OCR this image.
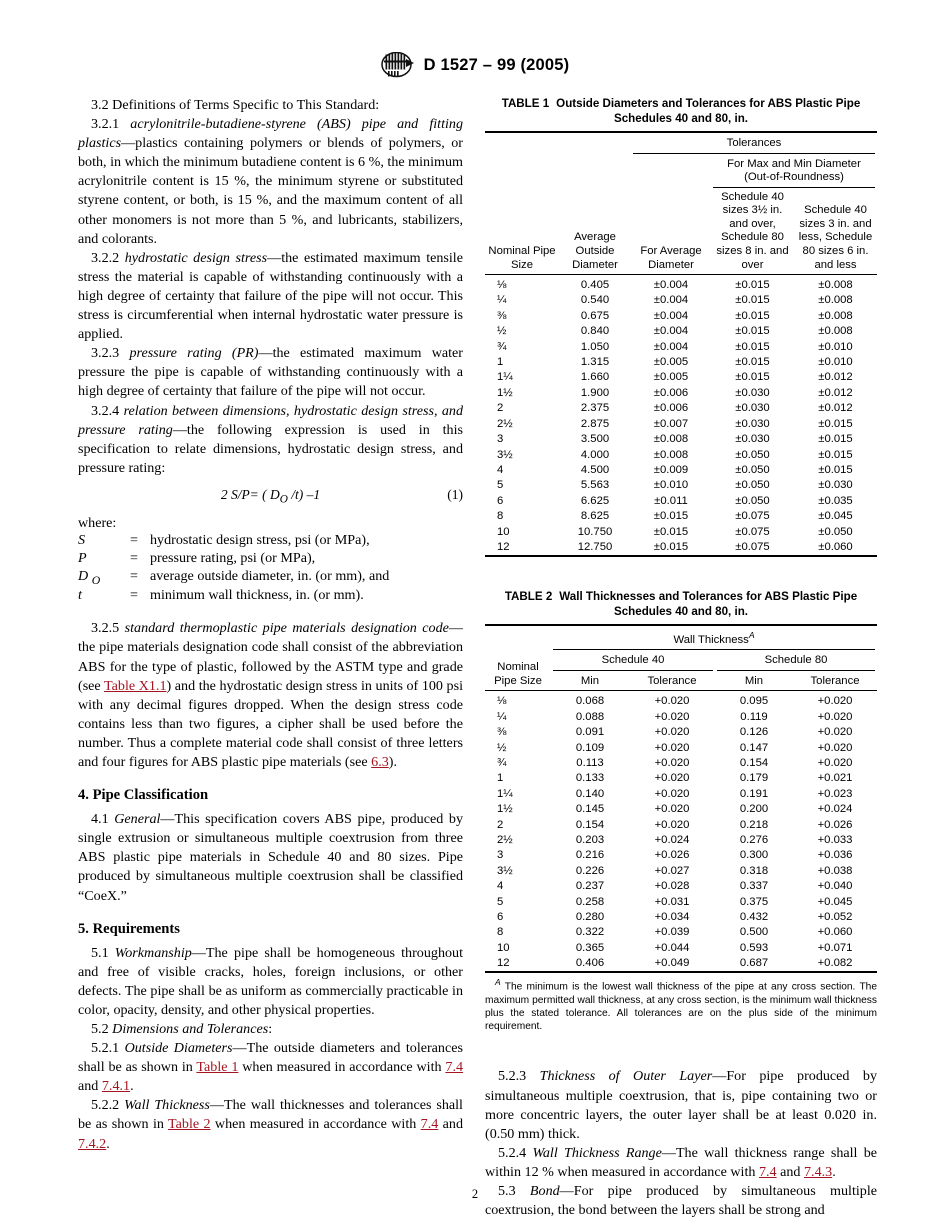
D 1527 – 99 (2005)

3.2 Definitions of Terms Specific to This Standard:

3.2.1 acrylonitrile-butadiene-styrene (ABS) pipe and fitting plastics—plastics containing polymers or blends of polymers, or both, in which the minimum butadiene content is 6 %, the minimum acrylonitrile content is 15 %, the minimum styrene or substituted styrene content, or both, is 15 %, and the maximum content of all other monomers is not more than 5 %, and lubricants, stabilizers, and colorants.

3.2.2 hydrostatic design stress—the estimated maximum tensile stress the material is capable of withstanding continuously with a high degree of certainty that failure of the pipe will not occur. This stress is circumferential when internal hydrostatic water pressure is applied.

3.2.3 pressure rating (PR)—the estimated maximum water pressure the pipe is capable of withstanding continuously with a high degree of certainty that failure of the pipe will not occur.

3.2.4 relation between dimensions, hydrostatic design stress, and pressure rating—the following expression is used in this specification to relate dimensions, hydrostatic design stress, and pressure rating:

2 S/P= ( $D_O$ /t) –1	(1)

where:

S	=	hydrostatic design stress, psi (or MPa),
P	=	pressure rating, psi (or MPa),
D $_O$	=	average outside diameter, in. (or mm), and
t	=	minimum wall thickness, in. (or mm).

3.2.5 standard thermoplastic pipe materials designation code—the pipe materials designation code shall consist of the abbreviation ABS for the type of plastic, followed by the ASTM type and grade (see Table X1.1) and the hydrostatic design stress in units of 100 psi with any decimal figures dropped. When the design stress code contains less than two figures, a cipher shall be used before the number. Thus a complete material code shall consist of three letters and four figures for ABS plastic pipe materials (see 6.3).

4. Pipe Classification

4.1 General—This specification covers ABS pipe, produced by single extrusion or simultaneous multiple coextrusion from three ABS plastic pipe materials in Schedule 40 and 80 sizes. Pipe produced by simultaneous multiple coextrusion shall be classified “CoeX.”

5. Requirements

5.1 Workmanship—The pipe shall be homogeneous throughout and free of visible cracks, holes, foreign inclusions, or other defects. The pipe shall be as uniform as commercially practicable in color, opacity, density, and other physical properties.

5.2 Dimensions and Tolerances:

5.2.1 Outside Diameters—The outside diameters and tolerances shall be as shown in Table 1 when measured in accordance with 7.4 and 7.4.1.

5.2.2 Wall Thickness—The wall thicknesses and tolerances shall be as shown in Table 2 when measured in accordance with 7.4 and 7.4.2.

TABLE 1 Outside Diameters and Tolerances for ABS Plastic Pipe Schedules 40 and 80, in.
Nominal Pipe Size	Average Outside Diameter	Tolerances		

		For Average Diameter	For Max and Min Diameter (Out-of-Roundness)	

			Schedule 40 sizes 3½ in. and over, Schedule 80 sizes 8 in. and over	Schedule 40 sizes 3 in. and less, Schedule 80 sizes 6 in. and less
⅛	0.405	±0.004	±0.015	±0.008
¼	0.540	±0.004	±0.015	±0.008
⅜	0.675	±0.004	±0.015	±0.008
½	0.840	±0.004	±0.015	±0.008
¾	1.050	±0.004	±0.015	±0.010
1	1.315	±0.005	±0.015	±0.010
1¼	1.660	±0.005	±0.015	±0.012
1½	1.900	±0.006	±0.030	±0.012
2	2.375	±0.006	±0.030	±0.012
2½	2.875	±0.007	±0.030	±0.015
3	3.500	±0.008	±0.030	±0.015
3½	4.000	±0.008	±0.050	±0.015
4	4.500	±0.009	±0.050	±0.015
5	5.563	±0.010	±0.050	±0.030
6	6.625	±0.011	±0.050	±0.035
8	8.625	±0.015	±0.075	±0.045
10	10.750	±0.015	±0.075	±0.050
12	12.750	±0.015	±0.075	±0.060
TABLE 2 Wall Thicknesses and Tolerances for ABS Plastic Pipe Schedules 40 and 80, in.
Nominal Pipe Size	Wall Thickness$^A$

	Schedule 40		Schedule 80	

	Min	Tolerance	Min	Tolerance
⅛	0.068	+0.020	0.095	+0.020
¼	0.088	+0.020	0.119	+0.020
⅜	0.091	+0.020	0.126	+0.020
½	0.109	+0.020	0.147	+0.020
¾	0.113	+0.020	0.154	+0.020
1	0.133	+0.020	0.179	+0.021
1¼	0.140	+0.020	0.191	+0.023
1½	0.145	+0.020	0.200	+0.024
2	0.154	+0.020	0.218	+0.026
2½	0.203	+0.024	0.276	+0.033
3	0.216	+0.026	0.300	+0.036
3½	0.226	+0.027	0.318	+0.038
4	0.237	+0.028	0.337	+0.040
5	0.258	+0.031	0.375	+0.045
6	0.280	+0.034	0.432	+0.052
8	0.322	+0.039	0.500	+0.060
10	0.365	+0.044	0.593	+0.071
12	0.406	+0.049	0.687	+0.082
$^A$ The minimum is the lowest wall thickness of the pipe at any cross section. The maximum permitted wall thickness, at any cross section, is the minimum wall thickness plus the stated tolerance. All tolerances are on the plus side of the minimum requirement.

5.2.3 Thickness of Outer Layer—For pipe produced by simultaneous multiple coextrusion, that is, pipe containing two or more concentric layers, the outer layer shall be at least 0.020 in. (0.50 mm) thick.

5.2.4 Wall Thickness Range—The wall thickness range shall be within 12 % when measured in accordance with 7.4 and 7.4.3.

5.3 Bond—For pipe produced by simultaneous multiple coextrusion, the bond between the layers shall be strong and

2
